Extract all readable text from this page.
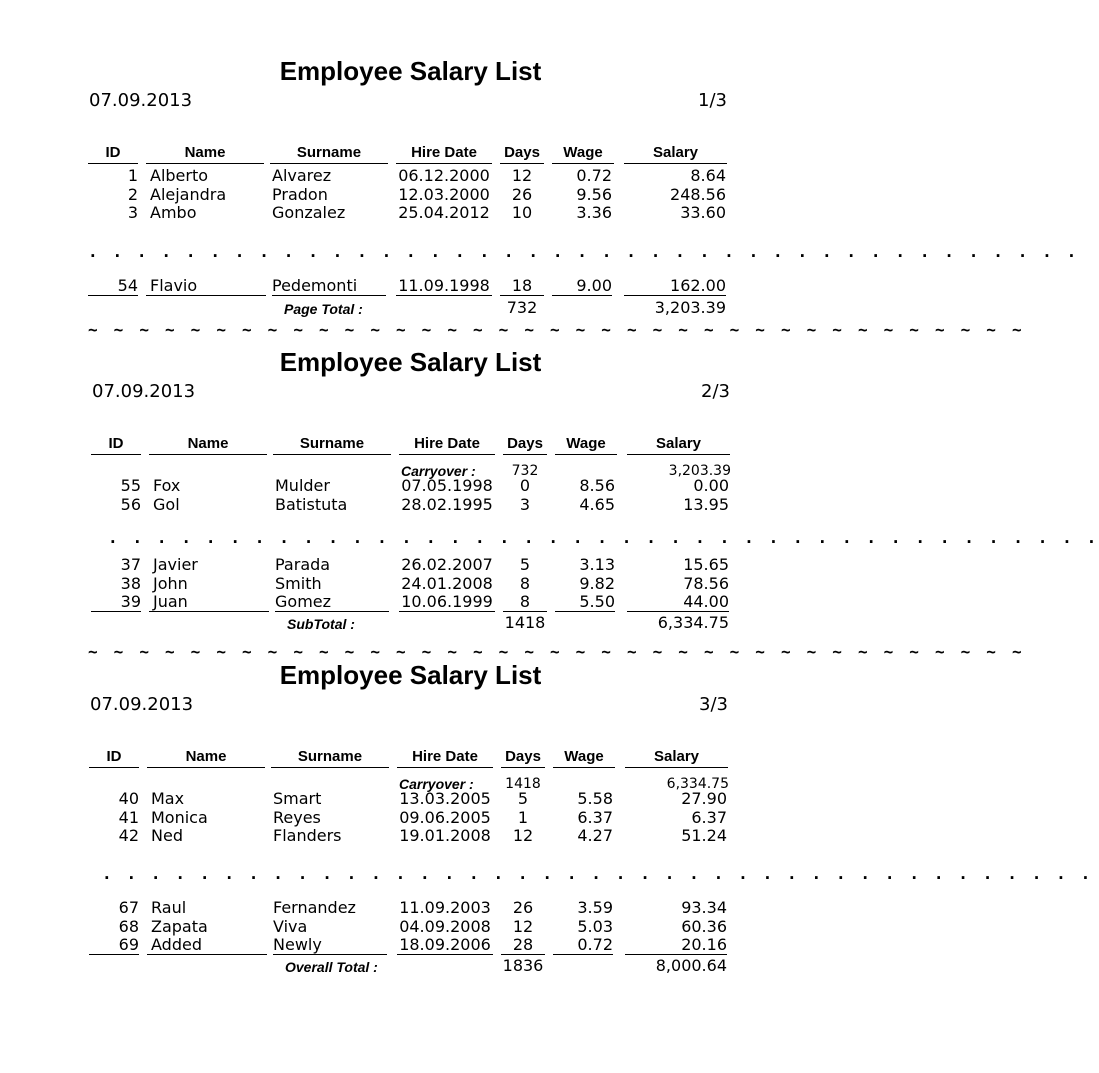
Employee Salary List
07.09.2013	1/3
ID	Name	Surname	Hire Date	Days	Wage	Salary
1 Alberto	Alvarez	06.12.2000	12	0.72	8.64
2 Alejandra	Pradon	12.03.2000	26	9.56	248.56
3 Ambo	Gonzalez	25.04.2012	10	3.36	33.60
. . . . . . . . . . . . . . . . . . . . . . . . . . . . . . . . . . . . . . . . .
54 Flavio	Pedemonti	11.09.1998	18	9.00	162.00
Page Total :	732	3,203.39
~ ~ ~ ~ ~ ~ ~ ~ ~ ~ ~ ~ ~ ~ ~ ~ ~ ~ ~ ~ ~ ~ ~ ~ ~ ~ ~ ~ ~ ~ ~ ~ ~ ~ ~ ~ ~
Employee Salary List
07.09.2013	2/3
ID	Name	Surname	Hire Date	Days	Wage	Salary
Carryover :	732	3,203.39
55 Fox	Mulder	07.05.1998	0	8.56	0.00
56 Gol	Batistuta	28.02.1995	3	4.65	13.95
. . . . . . . . . . . . . . . . . . . . . . . . . . . . . . . . . . . . . . . . .
37 Javier	Parada	26.02.2007	5	3.13	15.65
38 John	Smith	24.01.2008	8	9.82	78.56
39 Juan	Gomez	10.06.1999	8	5.50	44.00
SubTotal :	1418	6,334.75
~ ~ ~ ~ ~ ~ ~ ~ ~ ~ ~ ~ ~ ~ ~ ~ ~ ~ ~ ~ ~ ~ ~ ~ ~ ~ ~ ~ ~ ~ ~ ~ ~ ~ ~ ~ ~
Employee Salary List
07.09.2013	3/3
ID	Name	Surname	Hire Date	Days	Wage	Salary
Carryover : 1418	6,334.75
40 Max	Smart	13.03.2005	5	5.58	27.90
41 Monica	Reyes	09.06.2005	1	6.37	6.37
42 Ned	Flanders	19.01.2008	12	4.27	51.24
. . . . . . . . . . . . . . . . . . . . . . . . . . . . . . . . . . . . . . . . .
67 Raul	Fernandez	11.09.2003	26	3.59	93.34
68 Zapata	Viva	04.09.2008	12	5.03	60.36
69 Added	Newly	18.09.2006	28	0.72	20.16
Overall Total :	1836	8,000.64
